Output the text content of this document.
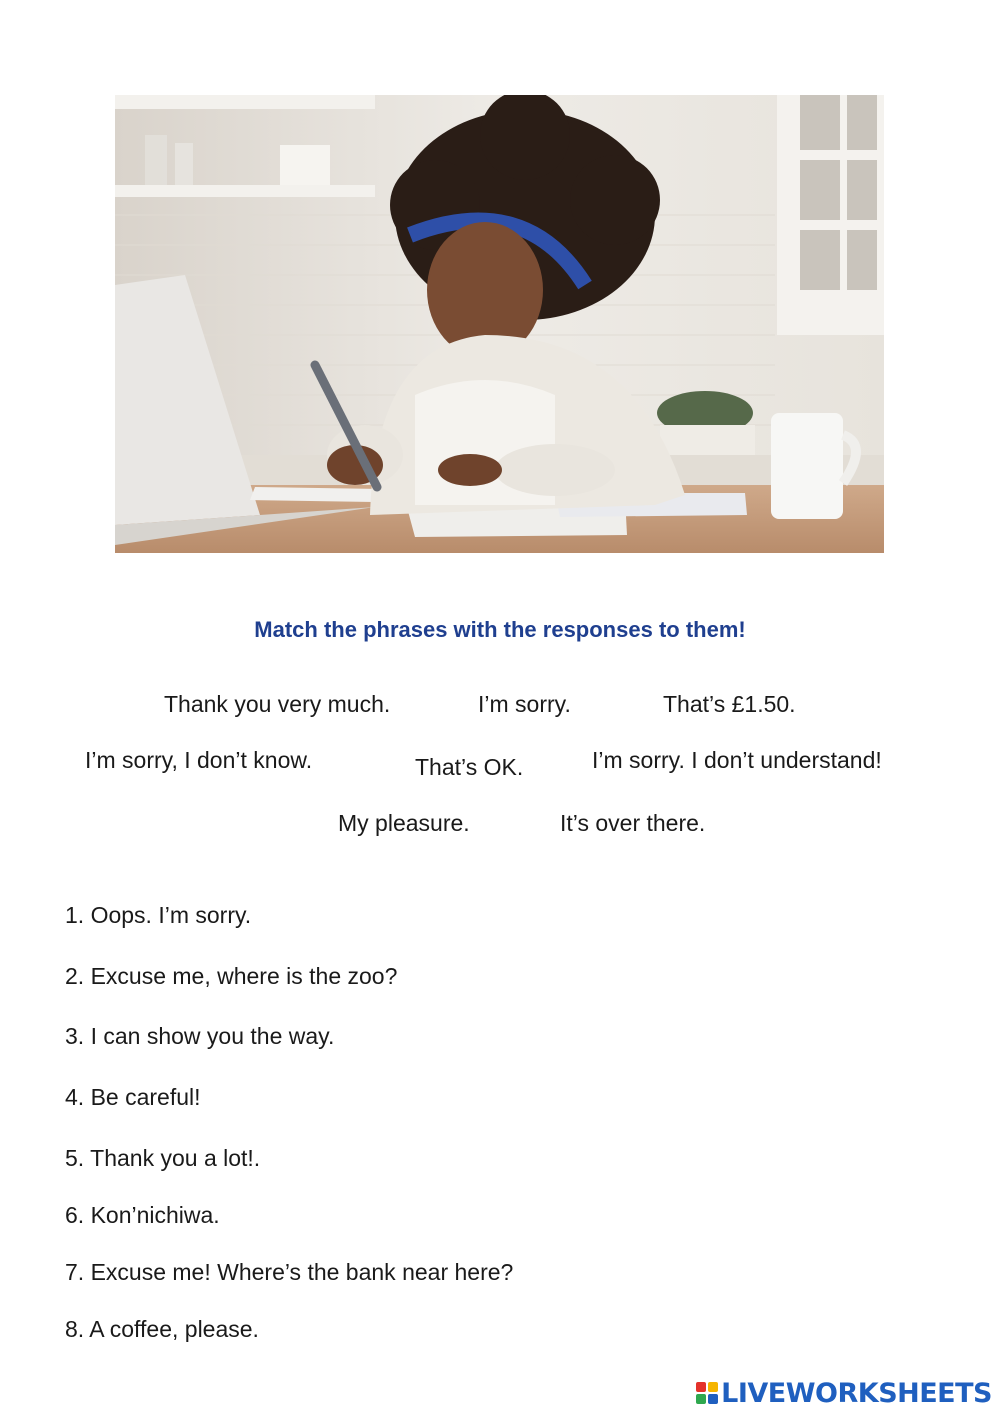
Match the phrases with the responses to them!
Thank you very much.	I’m sorry.	That’s £1.50.
I’m sorry, I don’t know.	That’s OK.	I’m sorry. I don’t understand!
My pleasure.	It’s over there.
1. Oops. I’m sorry.
2. Excuse me, where is the zoo?
3. I can show you the way.
4. Be careful!
5. Thank you a lot!.
6. Kon’nichiwa.
7. Excuse me! Where’s the bank near here?
8. A coffee, please.
LIVEWORKSHEETS
